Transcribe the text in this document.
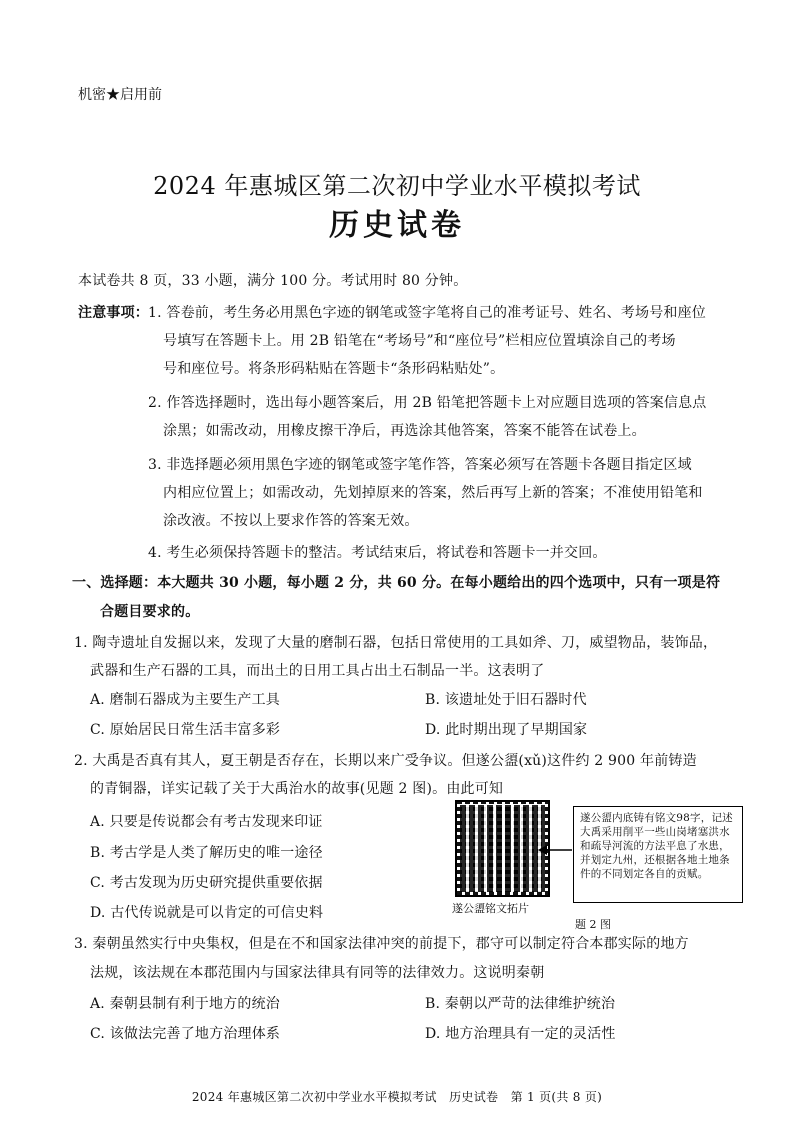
机密★启用前
2024 年惠城区第二次初中学业水平模拟考试
历史试卷
本试卷共 8 页，33 小题，满分 100 分。考试用时 80 分钟。
注意事项： 1. 答卷前，考生务必用黑色字迹的钢笔或签字笔将自己的准考证号、姓名、考场号和座位
号填写在答题卡上。用 2B 铅笔在“考场号”和“座位号”栏相应位置填涂自己的考场
号和座位号。将条形码粘贴在答题卡“条形码粘贴处”。
2. 作答选择题时，选出每小题答案后，用 2B 铅笔把答题卡上对应题目选项的答案信息点
涂黑；如需改动，用橡皮擦干净后，再选涂其他答案，答案不能答在试卷上。
3. 非选择题必须用黑色字迹的钢笔或签字笔作答，答案必须写在答题卡各题目指定区域
内相应位置上；如需改动，先划掉原来的答案，然后再写上新的答案；不准使用铅笔和
涂改液。不按以上要求作答的答案无效。
4. 考生必须保持答题卡的整洁。考试结束后，将试卷和答题卡一并交回。
一、选择题：本大题共 30 小题，每小题 2 分，共 60 分。在每小题给出的四个选项中，只有一项是符
合题目要求的。
1. 陶寺遗址自发掘以来，发现了大量的磨制石器，包括日常使用的工具如斧、刀，威望物品，装饰品，
武器和生产石器的工具，而出土的日用工具占出土石制品一半。这表明了
A. 磨制石器成为主要生产工具	B. 该遗址处于旧石器时代
C. 原始居民日常生活丰富多彩	D. 此时期出现了早期国家
2. 大禹是否真有其人，夏王朝是否存在，长期以来广受争议。但遂公盨(xǔ)这件约 2 900 年前铸造
的青铜器，详实记载了关于大禹治水的故事(见题 2 图)。由此可知
A. 只要是传说都会有考古发现来印证
B. 考古学是人类了解历史的唯一途径
C. 考古发现为历史研究提供重要依据
D. 古代传说就是可以肯定的可信史料	遂公盨铭文拓片
遂公盨内底铸有铭文98字，记述大禹采用削平一些山岗堵塞洪水和疏导河流的方法平息了水患，并划定九州，还根据各地土地条件的不同划定各自的贡赋。
题 2 图
3. 秦朝虽然实行中央集权，但是在不和国家法律冲突的前提下，郡守可以制定符合本郡实际的地方
法规，该法规在本郡范围内与国家法律具有同等的法律效力。这说明秦朝
A. 秦朝县制有利于地方的统治	B. 秦朝以严苛的法律维护统治
C. 该做法完善了地方治理体系	D. 地方治理具有一定的灵活性
2024 年惠城区第二次初中学业水平模拟考试　历史试卷　第 1 页(共 8 页)
